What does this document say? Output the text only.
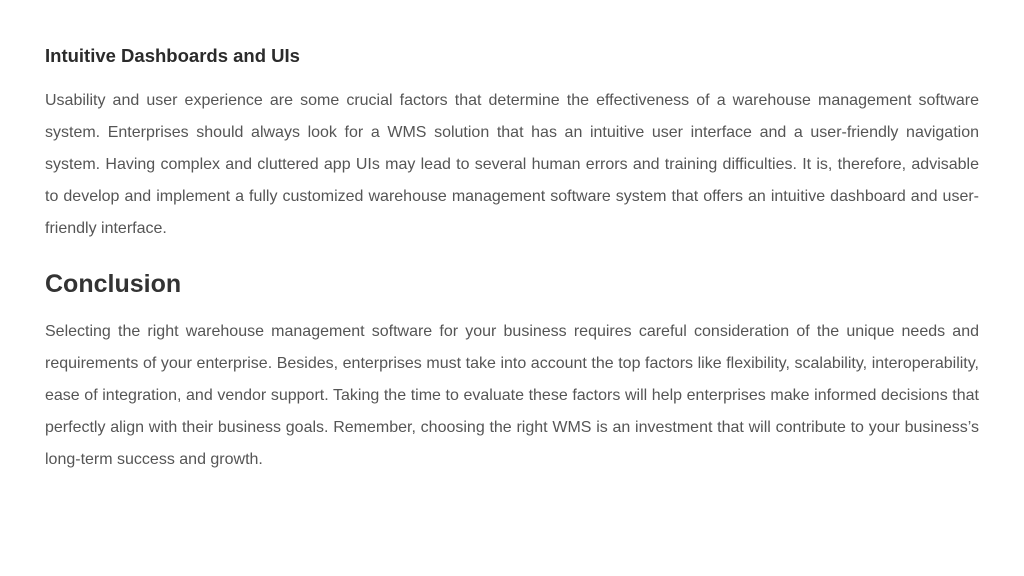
Intuitive Dashboards and UIs

Usability and user experience are some crucial factors that determine the effectiveness of a warehouse management software system. Enterprises should always look for a WMS solution that has an intuitive user interface and a user-friendly navigation system. Having complex and cluttered app UIs may lead to several human errors and training difficulties. It is, therefore, advisable to develop and implement a fully customized warehouse management software system that offers an intuitive dashboard and user-friendly interface.

Conclusion

Selecting the right warehouse management software for your business requires careful consideration of the unique needs and requirements of your enterprise. Besides, enterprises must take into account the top factors like flexibility, scalability, interoperability, ease of integration, and vendor support. Taking the time to evaluate these factors will help enterprises make informed decisions that perfectly align with their business goals. Remember, choosing the right WMS is an investment that will contribute to your business’s long-term success and growth.
